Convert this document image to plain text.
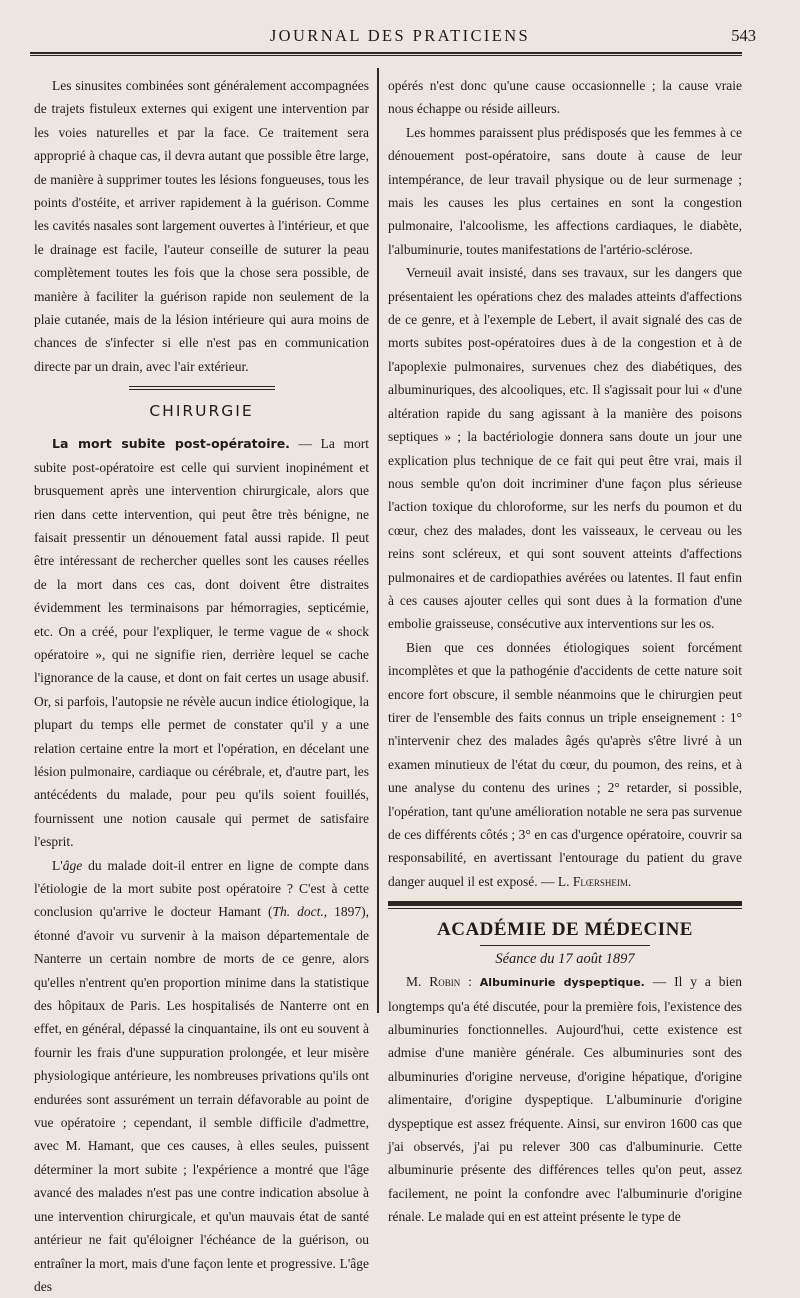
JOURNAL DES PRATICIENS	543

Les sinusites combinées sont généralement accompagnées de trajets fistuleux externes qui exigent une intervention par les voies naturelles et par la face. Ce traitement sera approprié à chaque cas, il devra autant que possible être large, de manière à supprimer toutes les lésions fongueuses, tous les points d'ostéite, et arriver rapidement à la guérison. Comme les cavités nasales sont largement ouvertes à l'intérieur, et que le drainage est facile, l'auteur conseille de suturer la peau complètement toutes les fois que la chose sera possible, de manière à faciliter la guérison rapide non seulement de la plaie cutanée, mais de la lésion intérieure qui aura moins de chances de s'infecter si elle n'est pas en communication directe par un drain, avec l'air extérieur.

CHIRURGIE

La mort subite post-opératoire. — La mort subite post-opératoire est celle qui survient inopinément et brusquement après une intervention chirurgicale, alors que rien dans cette intervention, qui peut être très bénigne, ne faisait pressentir un dénouement fatal aussi rapide. Il peut être intéressant de rechercher quelles sont les causes réelles de la mort dans ces cas, dont doivent être distraites évidemment les terminaisons par hémorragies, septicémie, etc. On a créé, pour l'expliquer, le terme vague de « shock opératoire », qui ne signifie rien, derrière lequel se cache l'ignorance de la cause, et dont on fait certes un usage abusif. Or, si parfois, l'autopsie ne révèle aucun indice étiologique, la plupart du temps elle permet de constater qu'il y a une relation certaine entre la mort et l'opération, en décelant une lésion pulmonaire, cardiaque ou cérébrale, et, d'autre part, les antécédents du malade, pour peu qu'ils soient fouillés, fournissent une notion causale qui permet de satisfaire l'esprit.

L'âge du malade doit-il entrer en ligne de compte dans l'étiologie de la mort subite post opératoire ? C'est à cette conclusion qu'arrive le docteur Hamant (Th. doct., 1897), étonné d'avoir vu survenir à la maison départementale de Nanterre un certain nombre de morts de ce genre, alors qu'elles n'entrent qu'en proportion minime dans la statistique des hôpitaux de Paris. Les hospitalisés de Nanterre ont en effet, en général, dépassé la cinquantaine, ils ont eu souvent à fournir les frais d'une suppuration prolongée, et leur misère physiologique antérieure, les nombreuses privations qu'ils ont endurées sont assurément un terrain défavorable au point de vue opératoire ; cependant, il semble difficile d'admettre, avec M. Hamant, que ces causes, à elles seules, puissent déterminer la mort subite ; l'expérience a montré que l'âge avancé des malades n'est pas une contre indication absolue à une intervention chirurgicale, et qu'un mauvais état de santé antérieur ne fait qu'éloigner l'échéance de la guérison, ou entraîner la mort, mais d'une façon lente et progressive. L'âge des

opérés n'est donc qu'une cause occasionnelle ; la cause vraie nous échappe ou réside ailleurs.

Les hommes paraissent plus prédisposés que les femmes à ce dénouement post-opératoire, sans doute à cause de leur intempérance, de leur travail physique ou de leur surmenage ; mais les causes les plus certaines en sont la congestion pulmonaire, l'alcoolisme, les affections cardiaques, le diabète, l'albuminurie, toutes manifestations de l'artério-sclérose.

Verneuil avait insisté, dans ses travaux, sur les dangers que présentaient les opérations chez des malades atteints d'affections de ce genre, et à l'exemple de Lebert, il avait signalé des cas de morts subites post-opératoires dues à de la congestion et à de l'apoplexie pulmonaires, survenues chez des diabétiques, des albuminuriques, des alcooliques, etc. Il s'agissait pour lui « d'une altération rapide du sang agissant à la manière des poisons septiques » ; la bactériologie donnera sans doute un jour une explication plus technique de ce fait qui peut être vrai, mais il nous semble qu'on doit incriminer d'une façon plus sérieuse l'action toxique du chloroforme, sur les nerfs du poumon et du cœur, chez des malades, dont les vaisseaux, le cerveau ou les reins sont scléreux, et qui sont souvent atteints d'affections pulmonaires et de cardiopathies avérées ou latentes. Il faut enfin à ces causes ajouter celles qui sont dues à la formation d'une embolie graisseuse, consécutive aux interventions sur les os.

Bien que ces données étiologiques soient forcément incomplètes et que la pathogénie d'accidents de cette nature soit encore fort obscure, il semble néanmoins que le chirurgien peut tirer de l'ensemble des faits connus un triple enseignement : 1° n'intervenir chez des malades âgés qu'après s'être livré à un examen minutieux de l'état du cœur, du poumon, des reins, et à une analyse du contenu des urines ; 2° retarder, si possible, l'opération, tant qu'une amélioration notable ne sera pas survenue de ces différents côtés ; 3° en cas d'urgence opératoire, couvrir sa responsabilité, en avertissant l'entourage du patient du grave danger auquel il est exposé. — L. Flœrsheim.

ACADÉMIE DE MÉDECINE
Séance du 17 août 1897

M. Robin : Albuminurie dyspeptique. — Il y a bien longtemps qu'a été discutée, pour la première fois, l'existence des albuminuries fonctionnelles. Aujourd'hui, cette existence est admise d'une manière générale. Ces albuminuries sont des albuminuries d'origine nerveuse, d'origine hépatique, d'origine alimentaire, d'origine dyspeptique. L'albuminurie d'origine dyspeptique est assez fréquente. Ainsi, sur environ 1600 cas que j'ai observés, j'ai pu relever 300 cas d'albuminurie. Cette albuminurie présente des différences telles qu'on peut, assez facilement, ne point la confondre avec l'albuminurie d'origine rénale. Le malade qui en est atteint présente le type de
